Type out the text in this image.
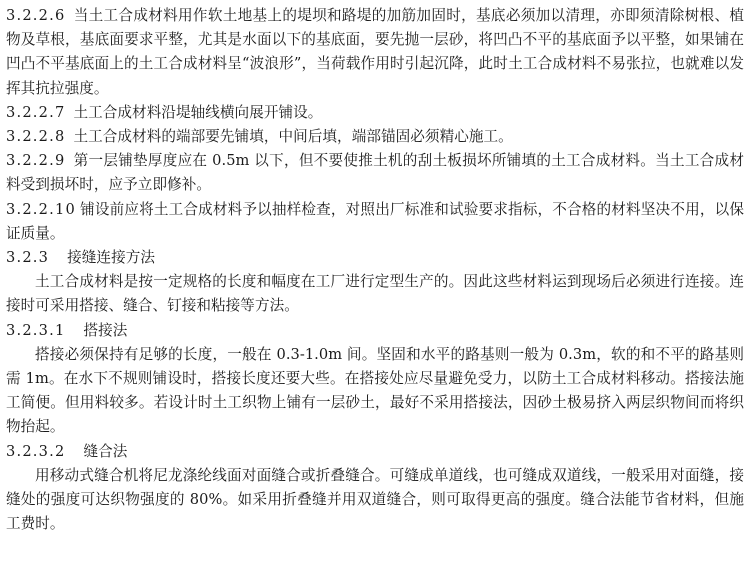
3.2.2.6 当土工合成材料用作软土地基上的堤坝和路堤的加筋加固时，基底必须加以清理，亦即须清除树根、植物及草根，基底面要求平整，尤其是水面以下的基底面，要先抛一层砂，将凹凸不平的基底面予以平整，如果铺在凹凸不平基底面上的土工合成材料呈“波浪形”，当荷载作用时引起沉降，此时土工合成材料不易张拉，也就难以发挥其抗拉强度。

3.2.2.7 土工合成材料沿堤轴线横向展开铺设。

3.2.2.8 土工合成材料的端部要先铺填，中间后填，端部锚固必须精心施工。

3.2.2.9 第一层铺垫厚度应在 0.5m 以下，但不要使推土机的刮土板损坏所铺填的土工合成材料。当土工合成材料受到损坏时，应予立即修补。

3.2.2.10 铺设前应将土工合成材料予以抽样检查，对照出厂标准和试验要求指标，不合格的材料坚决不用，以保证质量。

3.2.3 接缝连接方法

土工合成材料是按一定规格的长度和幅度在工厂进行定型生产的。因此这些材料运到现场后必须进行连接。连接时可采用搭接、缝合、钉接和粘接等方法。

3.2.3.1 搭接法

搭接必须保持有足够的长度，一般在 0.3-1.0m 间。坚固和水平的路基则一般为 0.3m，软的和不平的路基则需 1m。在水下不规则铺设时，搭接长度还要大些。在搭接处应尽量避免受力，以防土工合成材料移动。搭接法施工简便。但用料较多。若设计时土工织物上铺有一层砂土，最好不采用搭接法，因砂土极易挤入两层织物间而将织物抬起。

3.2.3.2 缝合法

用移动式缝合机将尼龙涤纶线面对面缝合或折叠缝合。可缝成单道线，也可缝成双道线，一般采用对面缝，接缝处的强度可达织物强度的 80%。如采用折叠缝并用双道缝合，则可取得更高的强度。缝合法能节省材料，但施工费时。
